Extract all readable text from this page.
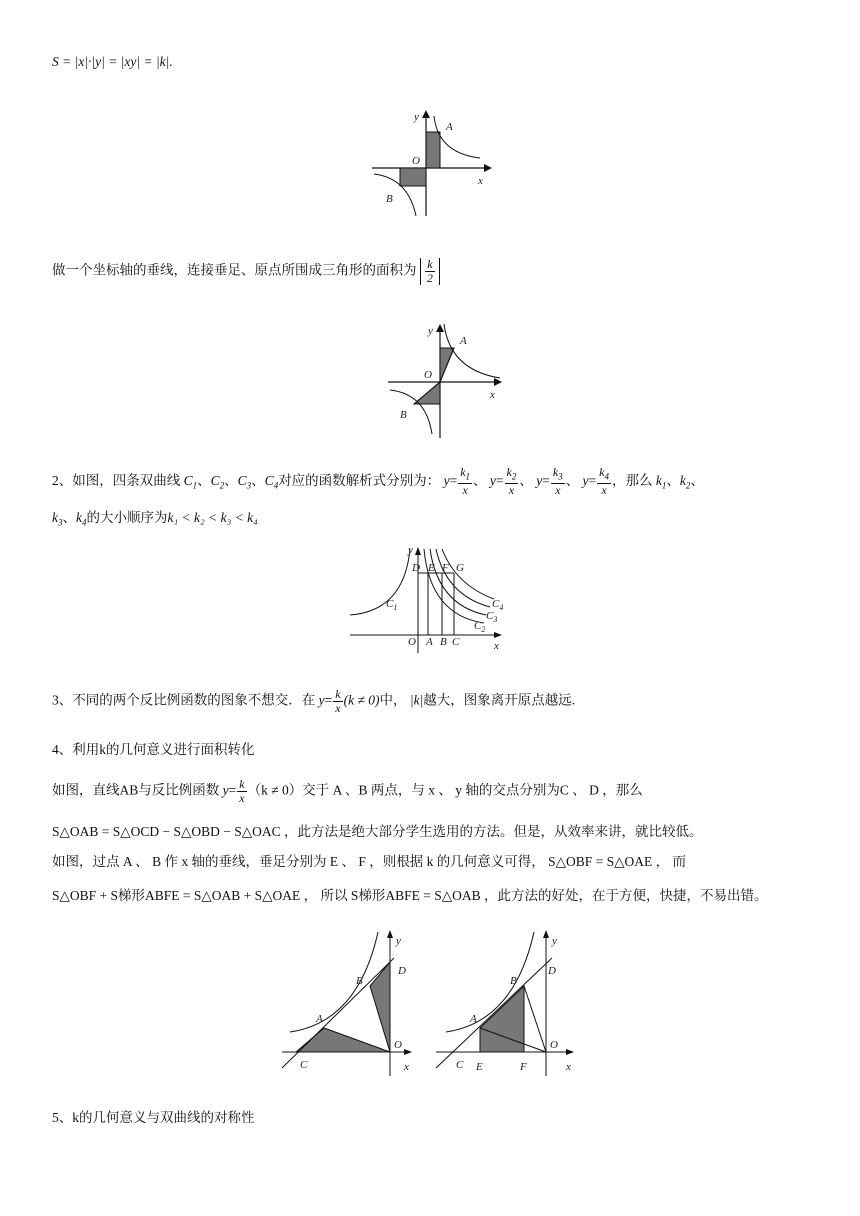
S = |x|·|y| = |xy| = |k|.
y
x
A
B
O
做一个坐标轴的垂线，连接垂足、原点所围成三角形的面积为 $\frac{k}{2}$
y
x
A
B
O
2、如图，四条双曲线 $C_1$、$C_2$、$C_3$、$C_4$对应的函数解析式分别为： $y= \frac{k_1}{x}$ 、 $y= \frac{k_2}{x}$ 、 $y= \frac{k_3}{x}$ 、 $y= \frac{k_4}{x}$ ，那么 $k_1$、$k_2$、
$k_3$、$k_4$的大小顺序为k₁ < k₂ < k₃ < k₄
y
x
$C_1$
$C_2$
$C_3$
$C_4$
D E F G
O A B C
3、不同的两个反比例函数的图象不想交．在 $y= \frac{k}{x} (k \ne 0)$中， |k|越大，图象离开原点越远.
4、利用k的几何意义进行面积转化
如图，直线AB与反比例函数 $y= \frac{k}{x} (k \ne 0)$交于 A 、B 两点，与 x 、 y 轴的交点分别为C 、 D ，那么
S△OAB = S△OCD − S△OBD − S△OAC ，此方法是绝大部分学生选用的方法。但是，从效率来讲，就比较低。
如图，过点 A 、 B 作 x 轴的垂线，垂足分别为 E 、 F ，则根据 k 的几何意义可得， S△OBF = S△OAE ， 而
S△OBF + S梯形ABFE = S△OAB + S△OAE ， 所以 S梯形ABFE = S△OAB ，此方法的好处，在于方便，快捷，不易出错。
y
x
A
B
C
D
O
y
x
A
B
C
D
O
E	F
5、k的几何意义与双曲线的对称性
